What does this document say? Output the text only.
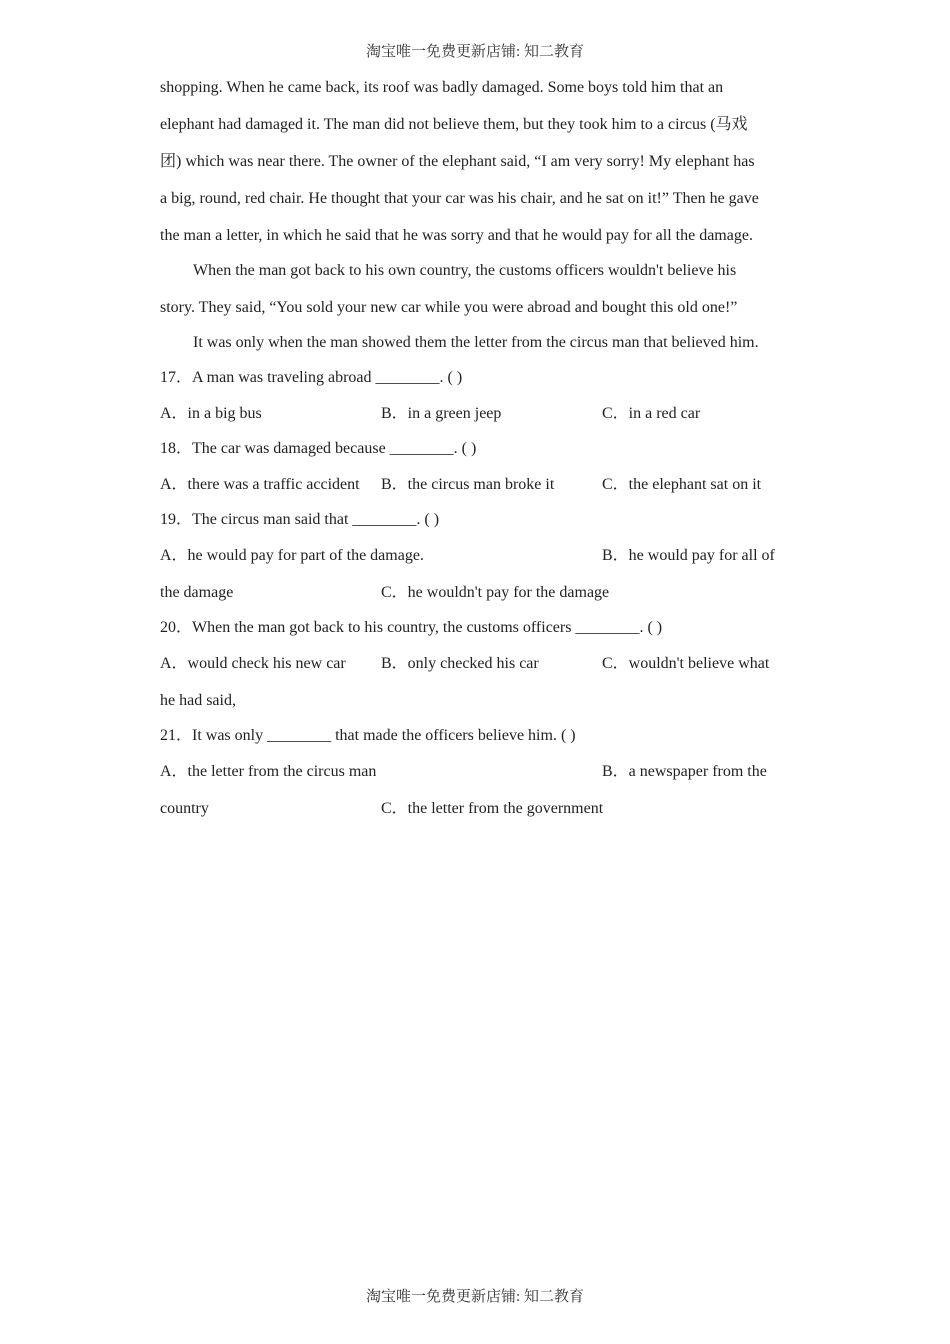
淘宝唯一免费更新店铺: 知二教育
shopping. When he came back, its roof was badly damaged. Some boys told him that an
elephant had damaged it. The man did not believe them, but they took him to a circus (马戏
团) which was near there. The owner of the elephant said, “I am very sorry! My elephant has
a big, round, red chair. He thought that your car was his chair, and he sat on it!” Then he gave
the man a letter, in which he said that he was sorry and that he would pay for all the damage.
When the man got back to his own country, the customs officers wouldn't believe his
story. They said, “You sold your new car while you were abroad and bought this old one!”
It was only when the man showed them the letter from the circus man that believed him.
17．A man was traveling abroad ________. ( )
A．in a big bus	B．in a green jeep	C．in a red car
18．The car was damaged because ________. ( )
A．there was a traffic accident B．the circus man broke it	C．the elephant sat on it
19．The circus man said that ________. ( )
A．he would pay for part of the damage.	B．he would pay for all of
the damage	C．he wouldn't pay for the damage
20．When the man got back to his country, the customs officers ________. ( )
A．would check his new car B．only checked his car	C．wouldn't believe what
he had said,
21．It was only ________ that made the officers believe him. ( )
A．the letter from the circus man	B．a newspaper from the
country	C．the letter from the government
淘宝唯一免费更新店铺: 知二教育
